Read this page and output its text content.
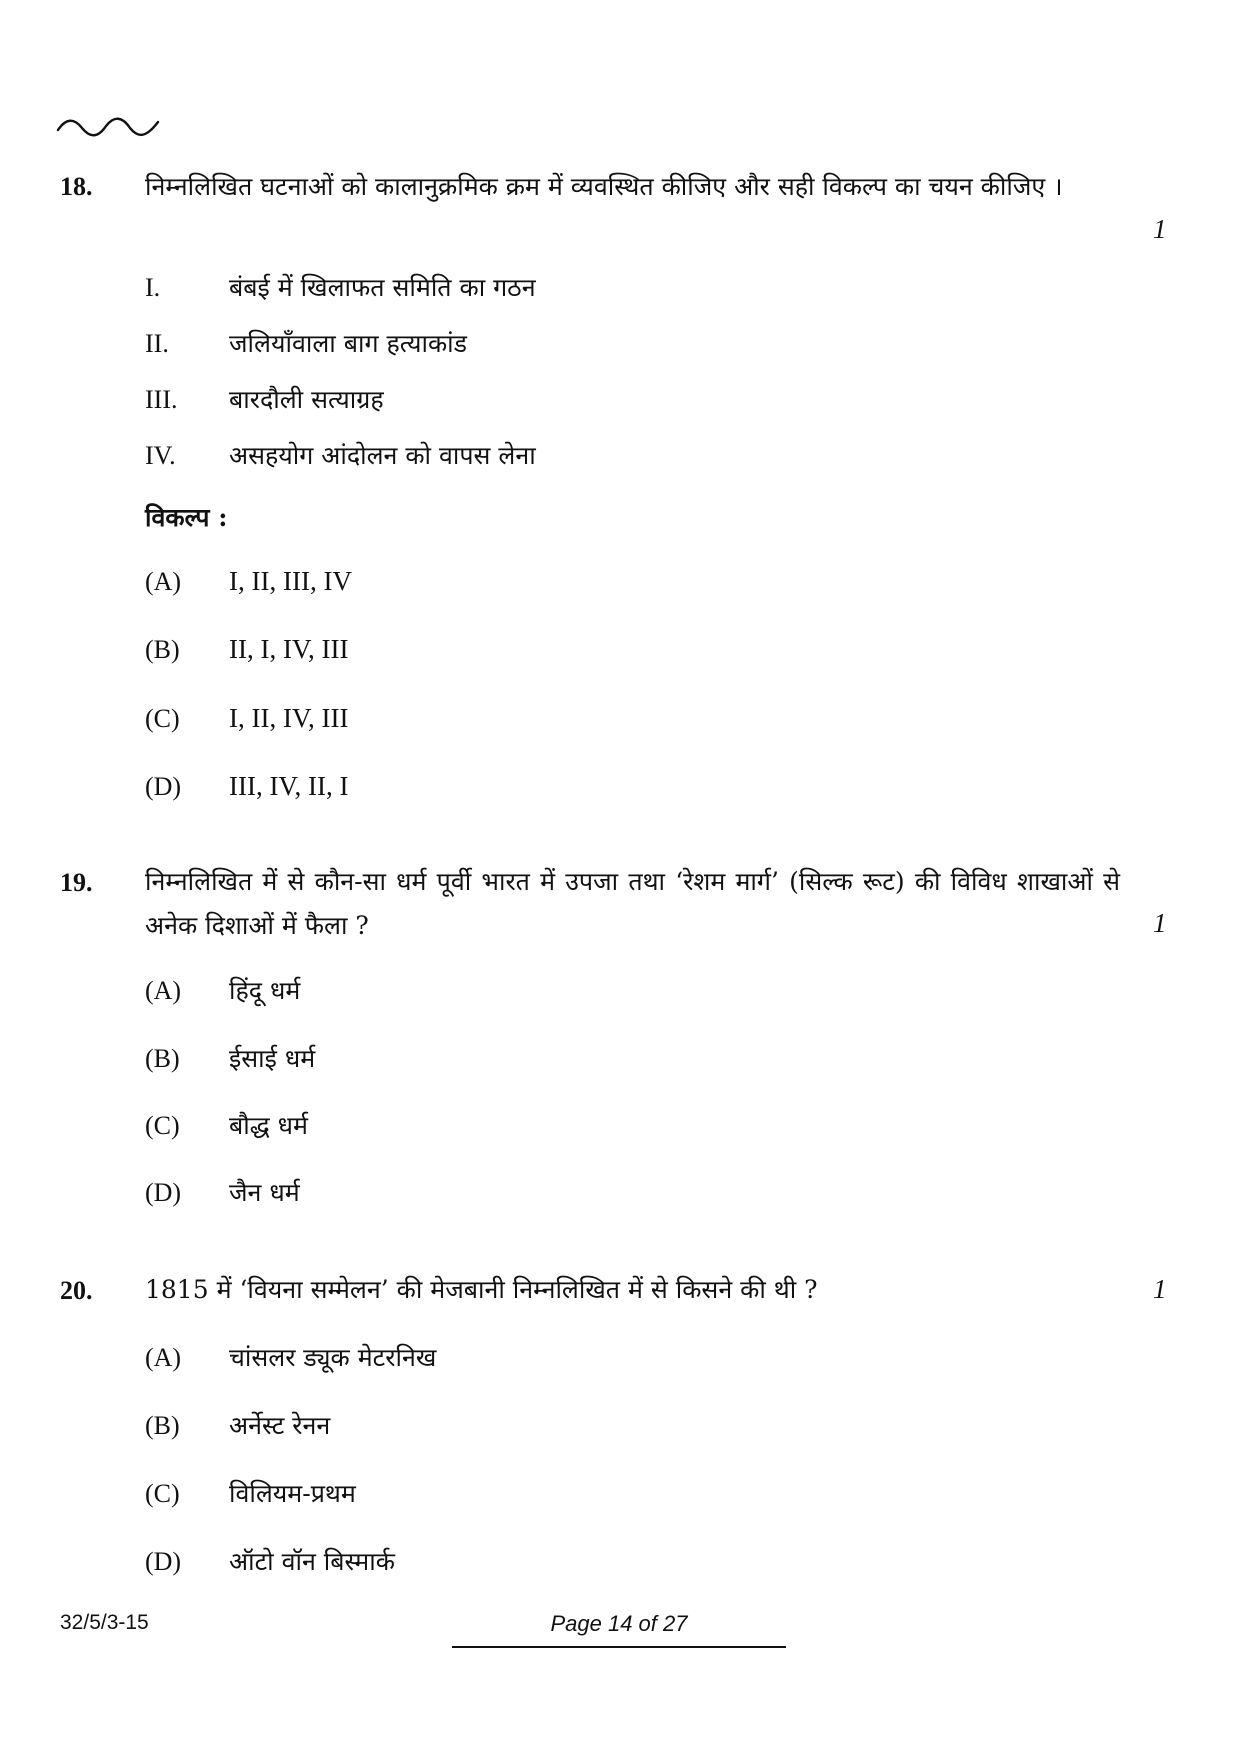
18. निम्नलिखित घटनाओं को कालानुक्रमिक क्रम में व्यवस्थित कीजिए और सही विकल्प का चयन कीजिए ।
1
I.	बंबई में खिलाफत समिति का गठन
II. जलियाँवाला बाग हत्याकांड
III. बारदौली सत्याग्रह
IV. असहयोग आंदोलन को वापस लेना
विकल्प :
(A) I, II, III, IV
(B) II, I, IV, III
(C) I, II, IV, III
(D) III, IV, II, I
19. निम्नलिखित में से कौन-सा धर्म पूर्वी भारत में उपजा तथा ‘रेशम मार्ग’ (सिल्क रूट) की विविध शाखाओं से अनेक दिशाओं में फैला ?	1
(A) हिंदू धर्म
(B) ईसाई धर्म
(C) बौद्ध धर्म
(D) जैन धर्म
20. 1815 में ‘वियना सम्मेलन’ की मेजबानी निम्नलिखित में से किसने की थी ?	1
(A) चांसलर ड्यूक मेटरनिख
(B) अर्नेस्ट रेनन
(C) विलियम-प्रथम
(D) ऑटो वॉन बिस्मार्क
32/5/3-15	Page 14 of 27
